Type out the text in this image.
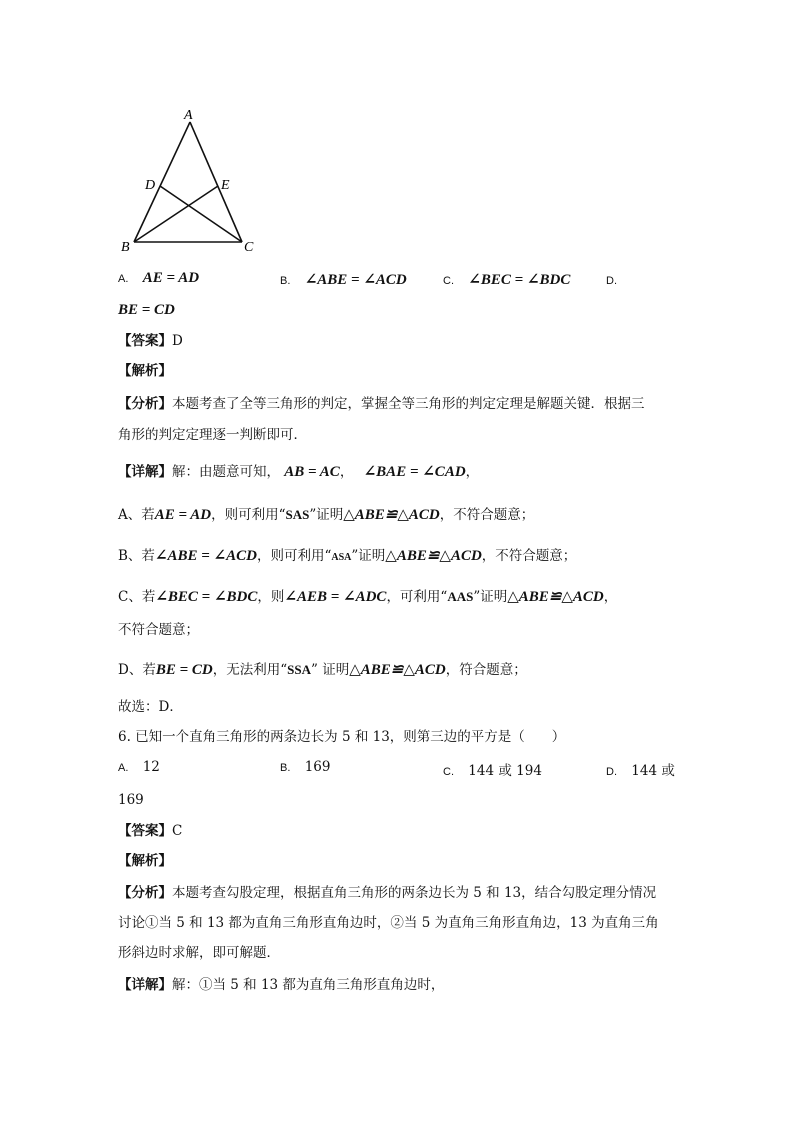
A
D	E
B	C
A. AE = AD	B. ∠ABE = ∠ACD	C. ∠BEC = ∠BDC	D.
BE = CD
【答案】D
【解析】
【分析】本题考查了全等三角形的判定，掌握全等三角形的判定定理是解题关键．根据三
角形的判定定理逐一判断即可．
【详解】解：由题意可知， AB = AC， ∠BAE = ∠CAD，
A、若AE = AD，则可利用“SAS”证明△ABE≌△ACD，不符合题意；
B、若∠ABE = ∠ACD，则可利用“ASA”证明△ABE≌△ACD，不符合题意；
C、若∠BEC = ∠BDC，则∠AEB = ∠ADC，可利用“AAS”证明△ABE≌△ACD，
不符合题意；
D、若BE = CD，无法利用“SSA” 证明△ABE≌△ACD，符合题意；
故选：D．
6. 已知一个直角三角形的两条边长为 5 和 13，则第三边的平方是（　　）
A. 12	B. 169	C. 144 或 194	D. 144 或
169
【答案】C
【解析】
【分析】本题考查勾股定理，根据直角三角形的两条边长为 5 和 13，结合勾股定理分情况
讨论①当 5 和 13 都为直角三角形直角边时，②当 5 为直角三角形直角边，13 为直角三角
形斜边时求解，即可解题．
【详解】解：①当 5 和 13 都为直角三角形直角边时，
